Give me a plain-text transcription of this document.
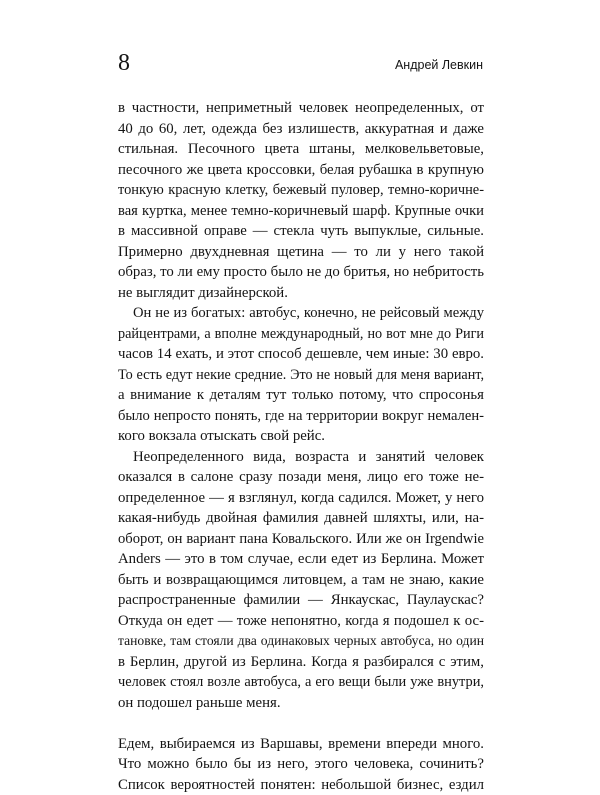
8	Андрей Левкин
в частности, неприметный человек неопределенных, от
40 до 60, лет, одежда без излишеств, аккуратная и даже
стильная. Песочного цвета штаны, мелковельветовые,
песочного же цвета кроссовки, белая рубашка в крупную
тонкую красную клетку, бежевый пуловер, темно-коричне-
вая куртка, менее темно-коричневый шарф. Крупные очки
в массивной оправе — стекла чуть выпуклые, сильные.
Примерно двухдневная щетина — то ли у него такой
образ, то ли ему просто было не до бритья, но небритость
не выглядит дизайнерской.
Он не из богатых: автобус, конечно, не рейсовый между
райцентрами, а вполне международный, но вот мне до Риги
часов 14 ехать, и этот способ дешевле, чем иные: 30 евро.
То есть едут некие средние. Это не новый для меня вариант,
а внимание к деталям тут только потому, что спросонья
было непросто понять, где на территории вокруг немален-
кого вокзала отыскать свой рейс.
Неопределенного вида, возраста и занятий человек
оказался в салоне сразу позади меня, лицо его тоже не-
определенное — я взглянул, когда садился. Может, у него
какая-нибудь двойная фамилия давней шляхты, или, на-
оборот, он вариант пана Ковальского. Или же он Irgendwie
Anders — это в том случае, если едет из Берлина. Может
быть и возвращающимся литовцем, а там не знаю, какие
распространенные фамилии — Янкаускас, Паулаускас?
Откуда он едет — тоже непонятно, когда я подошел к ос-
тановке, там стояли два одинаковых черных автобуса, но один
в Берлин, другой из Берлина. Когда я разбирался с этим,
человек стоял возле автобуса, а его вещи были уже внутри,
он подошел раньше меня.
Едем, выбираемся из Варшавы, времени впереди много.
Что можно было бы из него, этого человека, сочинить?
Список вероятностей понятен: небольшой бизнес, ездил
